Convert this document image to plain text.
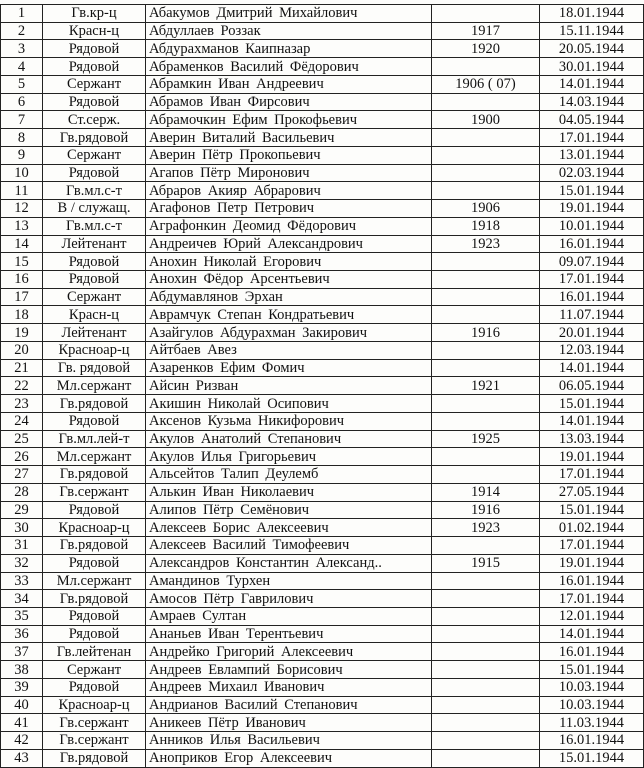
1	Гв.кр-ц	Абакумов Дмитрий Михайлович		18.01.1944
2	Красн-ц	Абдуллаев Роззак	1917	15.11.1944
3	Рядовой	Абдурахманов Каипназар	1920	20.05.1944
4	Рядовой	Абраменков Василий Фёдорович		30.01.1944
5	Сержант	Абрамкин Иван Андреевич	1906 ( 07)	14.01.1944
6	Рядовой	Абрамов Иван Фирсович		14.03.1944
7	Ст.серж.	Абрамочкин Ефим Прокофьевич	1900	04.05.1944
8	Гв.рядовой	Аверин Виталий Васильевич		17.01.1944
9	Сержант	Аверин Пётр Прокопьевич		13.01.1944
10	Рядовой	Агапов Пётр Миронович		02.03.1944
11	Гв.мл.с-т	Абраров Акияр Абрарович		15.01.1944
12	В / служащ.	Агафонов Петр Петрович	1906	19.01.1944
13	Гв.мл.с-т	Аграфонкин Деомид Фёдорович	1918	10.01.1944
14	Лейтенант	Андреичев Юрий Александрович	1923	16.01.1944
15	Рядовой	Анохин Николай Егорович		09.07.1944
16	Рядовой	Анохин Фёдор Арсентьевич		17.01.1944
17	Сержант	Абдумавлянов Эрхан		16.01.1944
18	Красн-ц	Аврамчук Степан Кондратьевич		11.07.1944
19	Лейтенант	Азайгулов Абдурахман Закирович	1916	20.01.1944
20	Красноар-ц	Айтбаев Авез		12.03.1944
21	Гв. рядовой	Азаренков Ефим Фомич		14.01.1944
22	Мл.сержант	Айсин Ризван	1921	06.05.1944
23	Гв.рядовой	Акишин Николай Осипович		15.01.1944
24	Рядовой	Аксенов Кузьма Никифорович		14.01.1944
25	Гв.мл.лей-т	Акулов Анатолий Степанович	1925	13.03.1944
26	Мл.сержант	Акулов Илья Григорьевич		19.01.1944
27	Гв.рядовой	Альсейтов Талип Деулемб		17.01.1944
28	Гв.сержант	Алькин Иван Николаевич	1914	27.05.1944
29	Рядовой	Алипов Пётр Семёнович	1916	15.01.1944
30	Красноар-ц	Алексеев Борис Алексеевич	1923	01.02.1944
31	Гв.рядовой	Алексеев Василий Тимофеевич		17.01.1944
32	Рядовой	Александров Константин Александ..	1915	19.01.1944
33	Мл.сержант	Амандинов Турхен		16.01.1944
34	Гв.рядовой	Амосов Пётр Гаврилович		17.01.1944
35	Рядовой	Амраев Султан		12.01.1944
36	Рядовой	Ананьев Иван Терентьевич		14.01.1944
37	Гв.лейтенан	Андрейко Григорий Алексеевич		16.01.1944
38	Сержант	Андреев Евлампий Борисович		15.01.1944
39	Рядовой	Андреев Михаил Иванович		10.03.1944
40	Красноар-ц	Андрианов Василий Степанович		10.03.1944
41	Гв.сержант	Аникеев Пётр Иванович		11.03.1944
42	Гв.сержант	Анников Илья Васильевич		16.01.1944
43	Гв.рядовой	Аноприков Егор Алексеевич		15.01.1944
